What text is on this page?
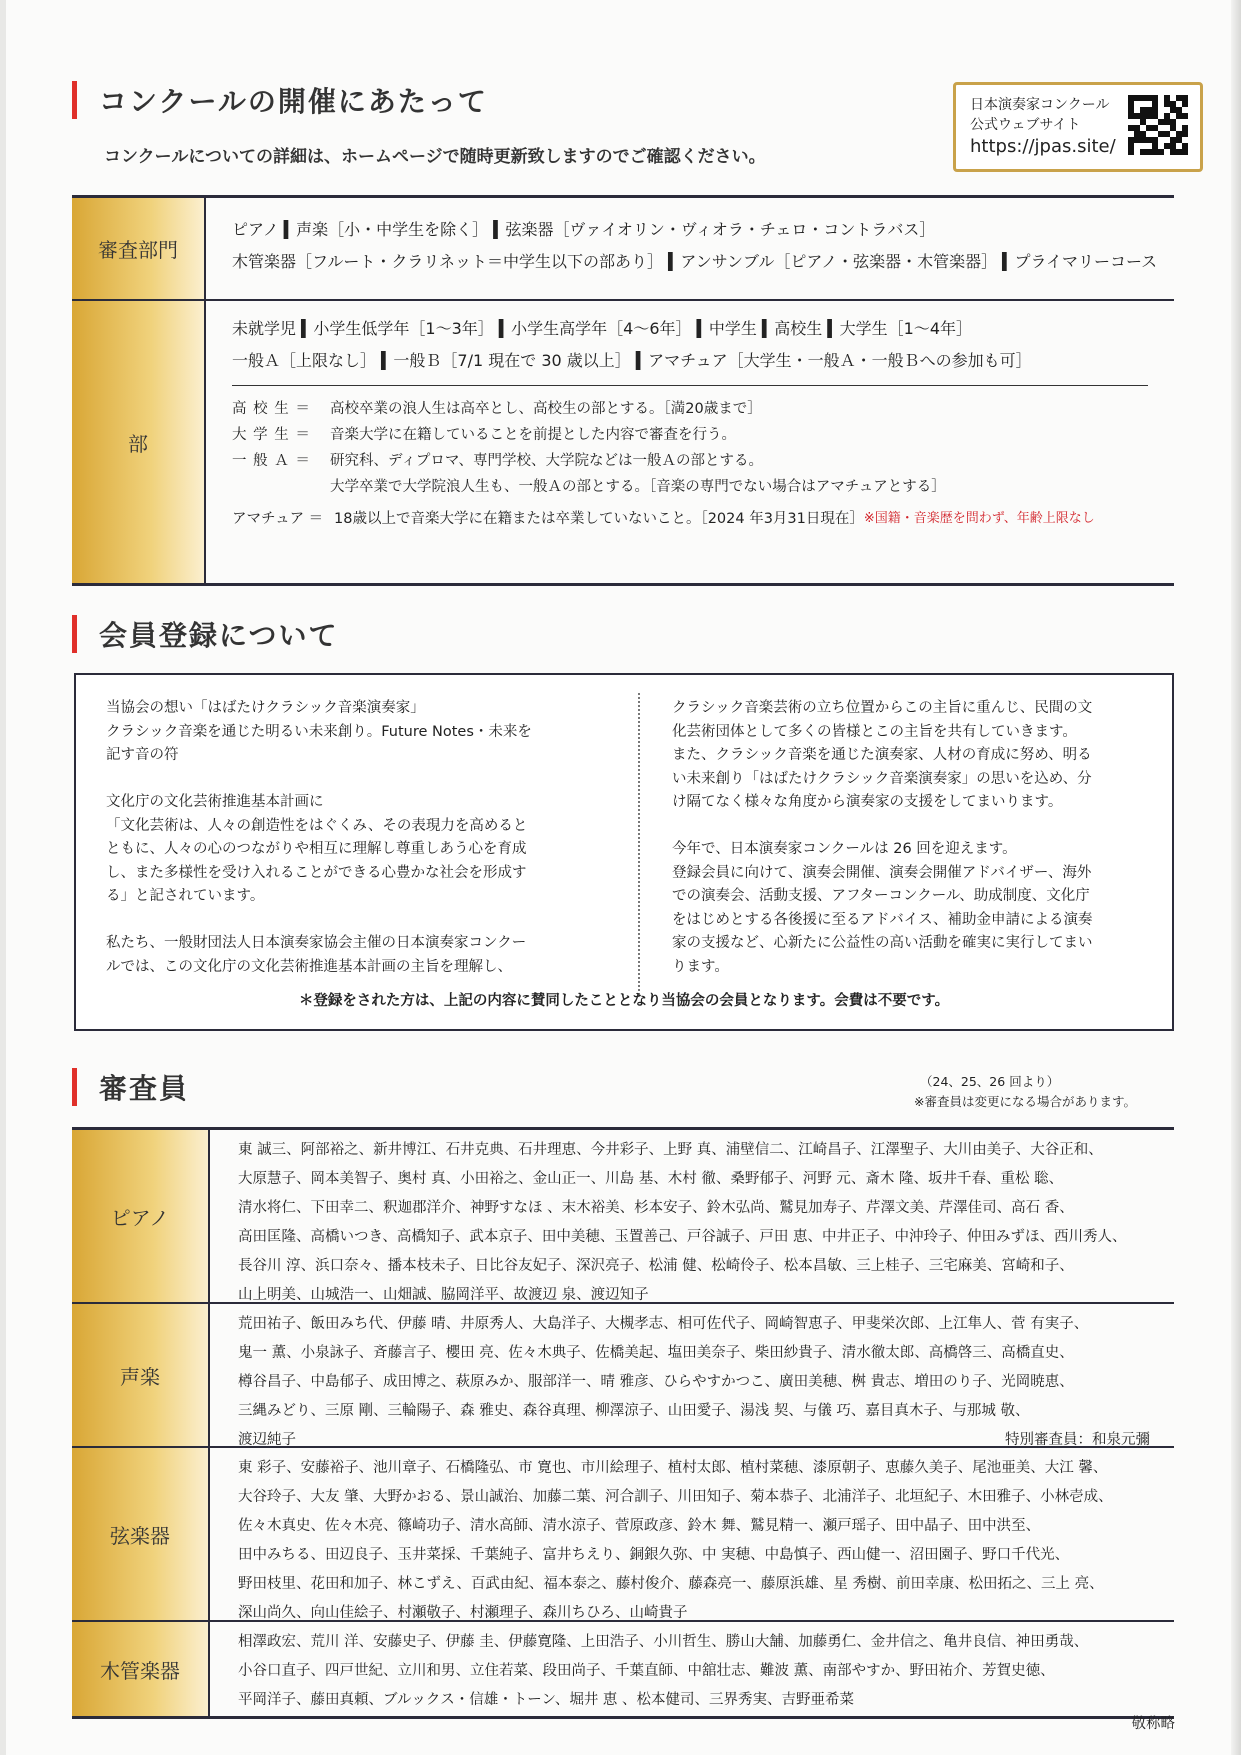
コンクールの開催にあたって
コンクールについての詳細は、ホームページで随時更新致しますのでご確認ください。
日本演奏家コンクール
公式ウェブサイト
https://jpas.site/
審査部門
ピアノ ▍声楽［小・中学生を除く］ ▍弦楽器［ヴァイオリン・ヴィオラ・チェロ・コントラバス］
木管楽器［フルート・クラリネット＝中学生以下の部あり］ ▍アンサンブル［ピアノ・弦楽器・木管楽器］ ▍プライマリーコース
部
未就学児 ▍小学生低学年［1～3年］ ▍小学生高学年［4～6年］ ▍中学生 ▍高校生 ▍大学生［1～4年］
一般Ａ［上限なし］ ▍一般Ｂ［7/1 現在で 30 歳以上］ ▍アマチュア［大学生・一般Ａ・一般Ｂへの参加も可］
高 校 生 ＝	高校卒業の浪人生は高卒とし、高校生の部とする。［満20歳まで］
大 学 生 ＝	音楽大学に在籍していることを前提とした内容で審査を行う。
一 般 Ａ ＝	研究科、ディプロマ、専門学校、大学院などは一般Ａの部とする。
大学卒業で大学院浪人生も、一般Ａの部とする。［音楽の専門でない場合はアマチュアとする］
アマチュア ＝ 18歳以上で音楽大学に在籍または卒業していないこと。［2024 年3月31日現在］ ※国籍・音楽歴を問わず、年齢上限なし
会員登録について

当協会の想い「はばたけクラシック音楽演奏家」

クラシック音楽を通じた明るい未来創り。Future Notes・未来を

記す音の符

文化庁の文化芸術推進基本計画に

「文化芸術は、人々の創造性をはぐくみ、その表現力を高めると

ともに、人々の心のつながりや相互に理解し尊重しあう心を育成

し、また多様性を受け入れることができる心豊かな社会を形成す

る」と記されています。

私たち、一般財団法人日本演奏家協会主催の日本演奏家コンクー

ルでは、この文化庁の文化芸術推進基本計画の主旨を理解し、

クラシック音楽芸術の立ち位置からこの主旨に重んじ、民間の文

化芸術団体として多くの皆様とこの主旨を共有していきます。

また、クラシック音楽を通じた演奏家、人材の育成に努め、明る

い未来創り「はばたけクラシック音楽演奏家」の思いを込め、分

け隔てなく様々な角度から演奏家の支援をしてまいります。

今年で、日本演奏家コンクールは 26 回を迎えます。

登録会員に向けて、演奏会開催、演奏会開催アドバイザー、海外

での演奏会、活動支援、アフターコンクール、助成制度、文化庁

をはじめとする各後援に至るアドバイス、補助金申請による演奏

家の支援など、心新たに公益性の高い活動を確実に実行してまい

ります。

＊登録をされた方は、上記の内容に賛同したこととなり当協会の会員となります。会費は不要です。
審査員	（24、25、26 回より）
※審査員は変更になる場合があります。
ピアノ
東 誠三、阿部裕之、新井博江、石井克典、石井理恵、今井彩子、上野 真、浦壁信二、江崎昌子、江澤聖子、大川由美子、大谷正和、
大原慧子、岡本美智子、奥村 真、小田裕之、金山正一、川島 基、木村 徹、桑野郁子、河野 元、斎木 隆、坂井千春、重松 聡、
清水将仁、下田幸二、釈迦郡洋介、神野すなほ 、末木裕美、杉本安子、鈴木弘尚、鷲見加寿子、芹澤文美、芹澤佳司、高石 香、
高田匡隆、高橋いつき、高橋知子、武本京子、田中美穂、玉置善己、戸谷誠子、戸田 恵、中井正子、中沖玲子、仲田みずほ、西川秀人、
長谷川 淳、浜口奈々、播本枝未子、日比谷友妃子、深沢亮子、松浦 健、松崎伶子、松本昌敏、三上桂子、三宅麻美、宮崎和子、
山上明美、山城浩一、山畑誠、脇岡洋平、故渡辺 泉、渡辺知子
声楽
荒田祐子、飯田みち代、伊藤 晴、井原秀人、大島洋子、大槻孝志、相可佐代子、岡崎智恵子、甲斐栄次郎、上江隼人、菅 有実子、
鬼一 薫、小泉詠子、斉藤言子、櫻田 亮、佐々木典子、佐橋美起、塩田美奈子、柴田紗貴子、清水徹太郎、高橋啓三、高橋直史、
樽谷昌子、中島郁子、成田博之、萩原みか、服部洋一、晴 雅彦、ひらやすかつこ、廣田美穂、桝 貴志、増田のり子、光岡暁恵、
三縄みどり、三原 剛、三輪陽子、森 雅史、森谷真理、柳澤涼子、山田愛子、湯浅 契、与儀 巧、嘉目真木子、与那城 敬、
渡辺純子	特別審査員：和泉元彌
弦楽器
東 彩子、安藤裕子、池川章子、石橋隆弘、市 寛也、市川絵理子、植村太郎、植村菜穂、漆原朝子、恵藤久美子、尾池亜美、大江 馨、
大谷玲子、大友 肇、大野かおる、景山誠治、加藤二葉、河合訓子、川田知子、菊本恭子、北浦洋子、北垣紀子、木田雅子、小林壱成、
佐々木真史、佐々木亮、篠崎功子、清水高師、清水涼子、菅原政彦、鈴木 舞、鷲見精一、瀬戸瑶子、田中晶子、田中洪至、
田中みちる、田辺良子、玉井菜採、千葉純子、富井ちえり、銅銀久弥、中 実穂、中島慎子、西山健一、沼田園子、野口千代光、
野田枝里、花田和加子、林こずえ、百武由紀、福本泰之、藤村俊介、藤森亮一、藤原浜雄、星 秀樹、前田幸康、松田拓之、三上 亮、
深山尚久、向山佳絵子、村瀬敬子、村瀬理子、森川ちひろ、山崎貴子
木管楽器
相澤政宏、荒川 洋、安藤史子、伊藤 圭、伊藤寛隆、上田浩子、小川哲生、勝山大舗、加藤勇仁、金井信之、亀井良信、神田勇哉、
小谷口直子、四戸世紀、立川和男、立住若菜、段田尚子、千葉直師、中舘壮志、難波 薫、南部やすか、野田祐介、芳賀史徳、
平岡洋子、藤田真頼、ブルックス・信雄・トーン、堀井 恵 、松本健司、三界秀実、吉野亜希菜
敬称略
